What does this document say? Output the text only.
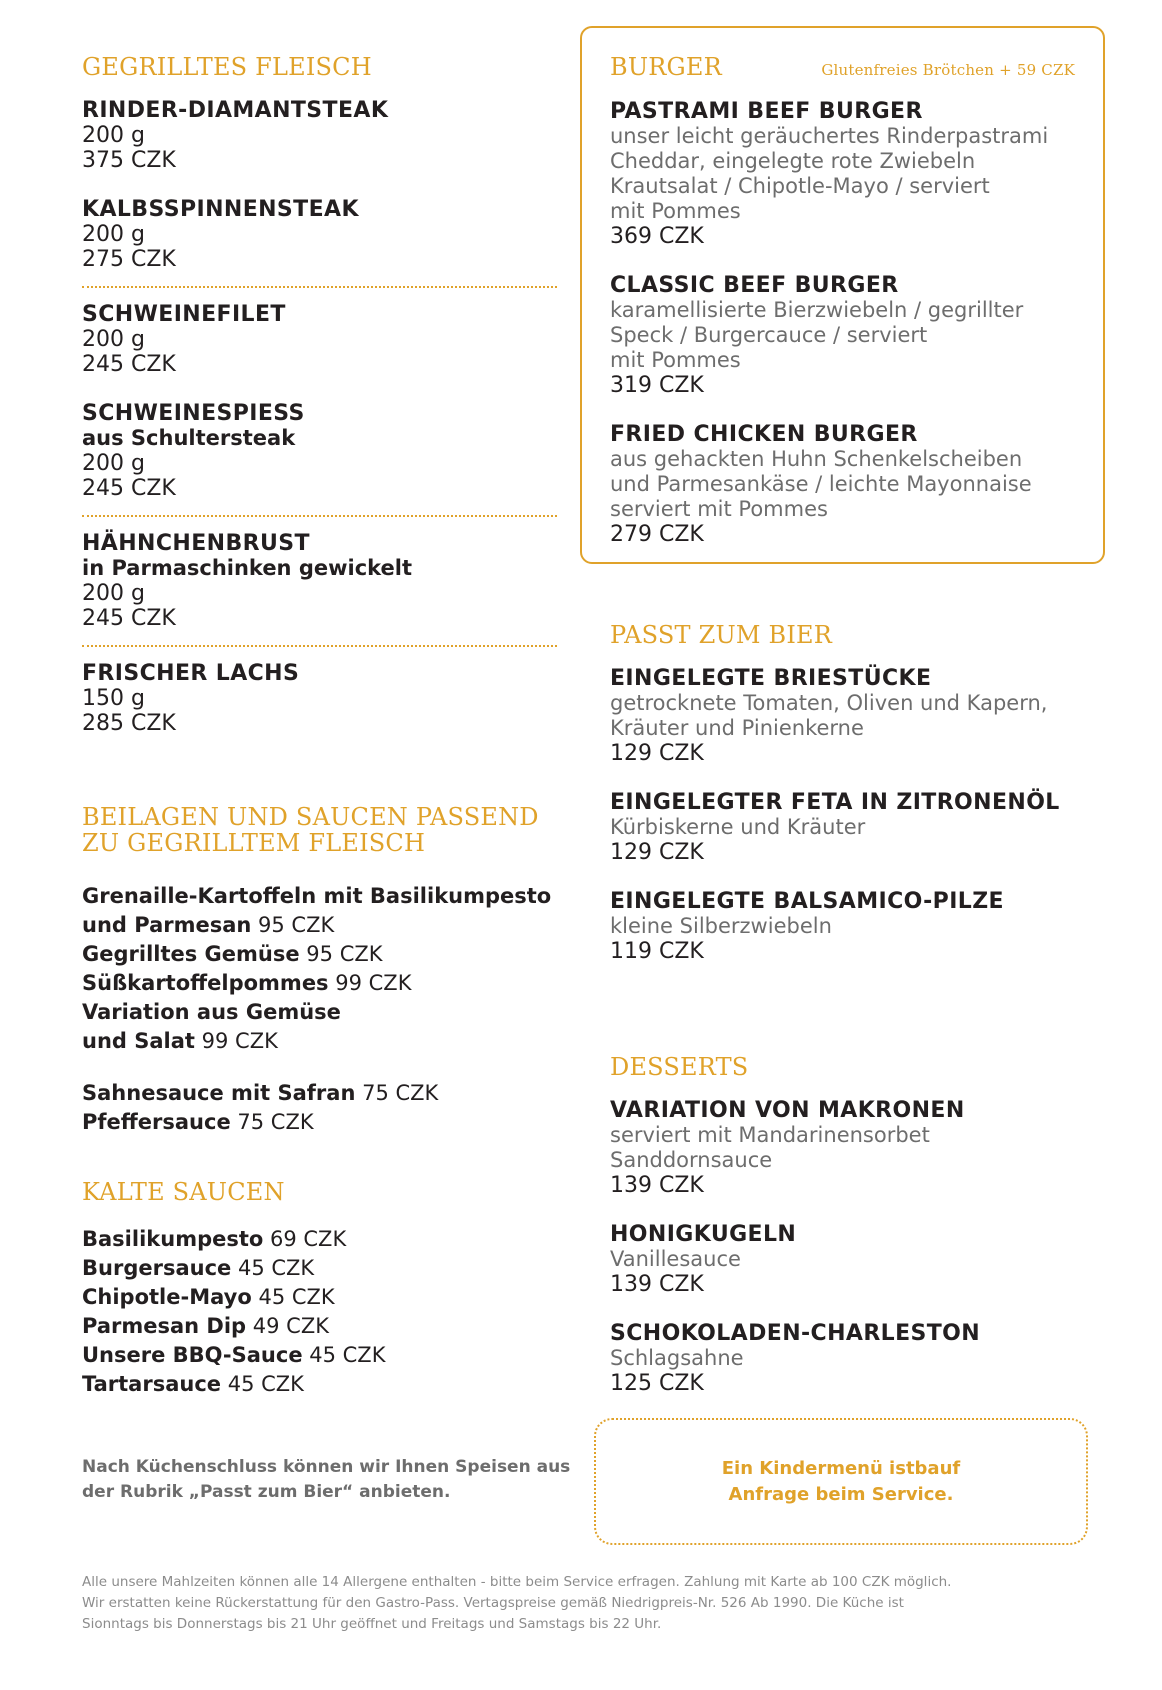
GEGRILLTES FLEISCH
RINDER-DIAMANTSTEAK
200 g
375 CZK
KALBSSPINNENSTEAK
200 g
275 CZK
SCHWEINEFILET
200 g
245 CZK
SCHWEINESPIESS
aus Schultersteak
200 g
245 CZK
HÄHNCHENBRUST
in Parmaschinken gewickelt
200 g
245 CZK
FRISCHER LACHS
150 g
285 CZK
BEILAGEN UND SAUCEN PASSEND
ZU GEGRILLTEM FLEISCH
Grenaille-Kartoffeln mit Basilikumpesto
und Parmesan 95 CZK
Gegrilltes Gemüse 95 CZK
Süßkartoffelpommes 99 CZK
Variation aus Gemüse
und Salat 99 CZK
Sahnesauce mit Safran 75 CZK
Pfeffersauce 75 CZK
KALTE SAUCEN
Basilikumpesto 69 CZK
Burgersauce 45 CZK
Chipotle-Mayo 45 CZK
Parmesan Dip 49 CZK
Unsere BBQ-Sauce 45 CZK
Tartarsauce 45 CZK
BURGER	Glutenfreies Brötchen + 59 CZK
PASTRAMI BEEF BURGER
unser leicht geräuchertes Rinderpastrami
Cheddar, eingelegte rote Zwiebeln
Krautsalat / Chipotle-Mayo / serviert
mit Pommes
369 CZK
CLASSIC BEEF BURGER
karamellisierte Bierzwiebeln / gegrillter
Speck / Burgercauce / serviert
mit Pommes
319 CZK
FRIED CHICKEN BURGER
aus gehackten Huhn Schenkelscheiben
und Parmesankäse / leichte Mayonnaise
serviert mit Pommes
279 CZK
PASST ZUM BIER
EINGELEGTE BRIESTÜCKE
getrocknete Tomaten, Oliven und Kapern,
Kräuter und Pinienkerne
129 CZK
EINGELEGTER FETA IN ZITRONENÖL
Kürbiskerne und Kräuter
129 CZK
EINGELEGTE BALSAMICO-PILZE
kleine Silberzwiebeln
119 CZK
DESSERTS
VARIATION VON MAKRONEN
serviert mit Mandarinensorbet
Sanddornsauce
139 CZK
HONIGKUGELN
Vanillesauce
139 CZK
SCHOKOLADEN-CHARLESTON
Schlagsahne
125 CZK
Nach Küchenschluss können wir Ihnen Speisen aus
der Rubrik „Passt zum Bier“ anbieten.
Ein Kindermenü istbauf
Anfrage beim Service.
Alle unsere Mahlzeiten können alle 14 Allergene enthalten - bitte beim Service erfragen. Zahlung mit Karte ab 100 CZK möglich.
Wir erstatten keine Rückerstattung für den Gastro-Pass. Vertagspreise gemäß Niedrigpreis-Nr. 526 Ab 1990. Die Küche ist
Sionntags bis Donnerstags bis 21 Uhr geöffnet und Freitags und Samstags bis 22 Uhr.
